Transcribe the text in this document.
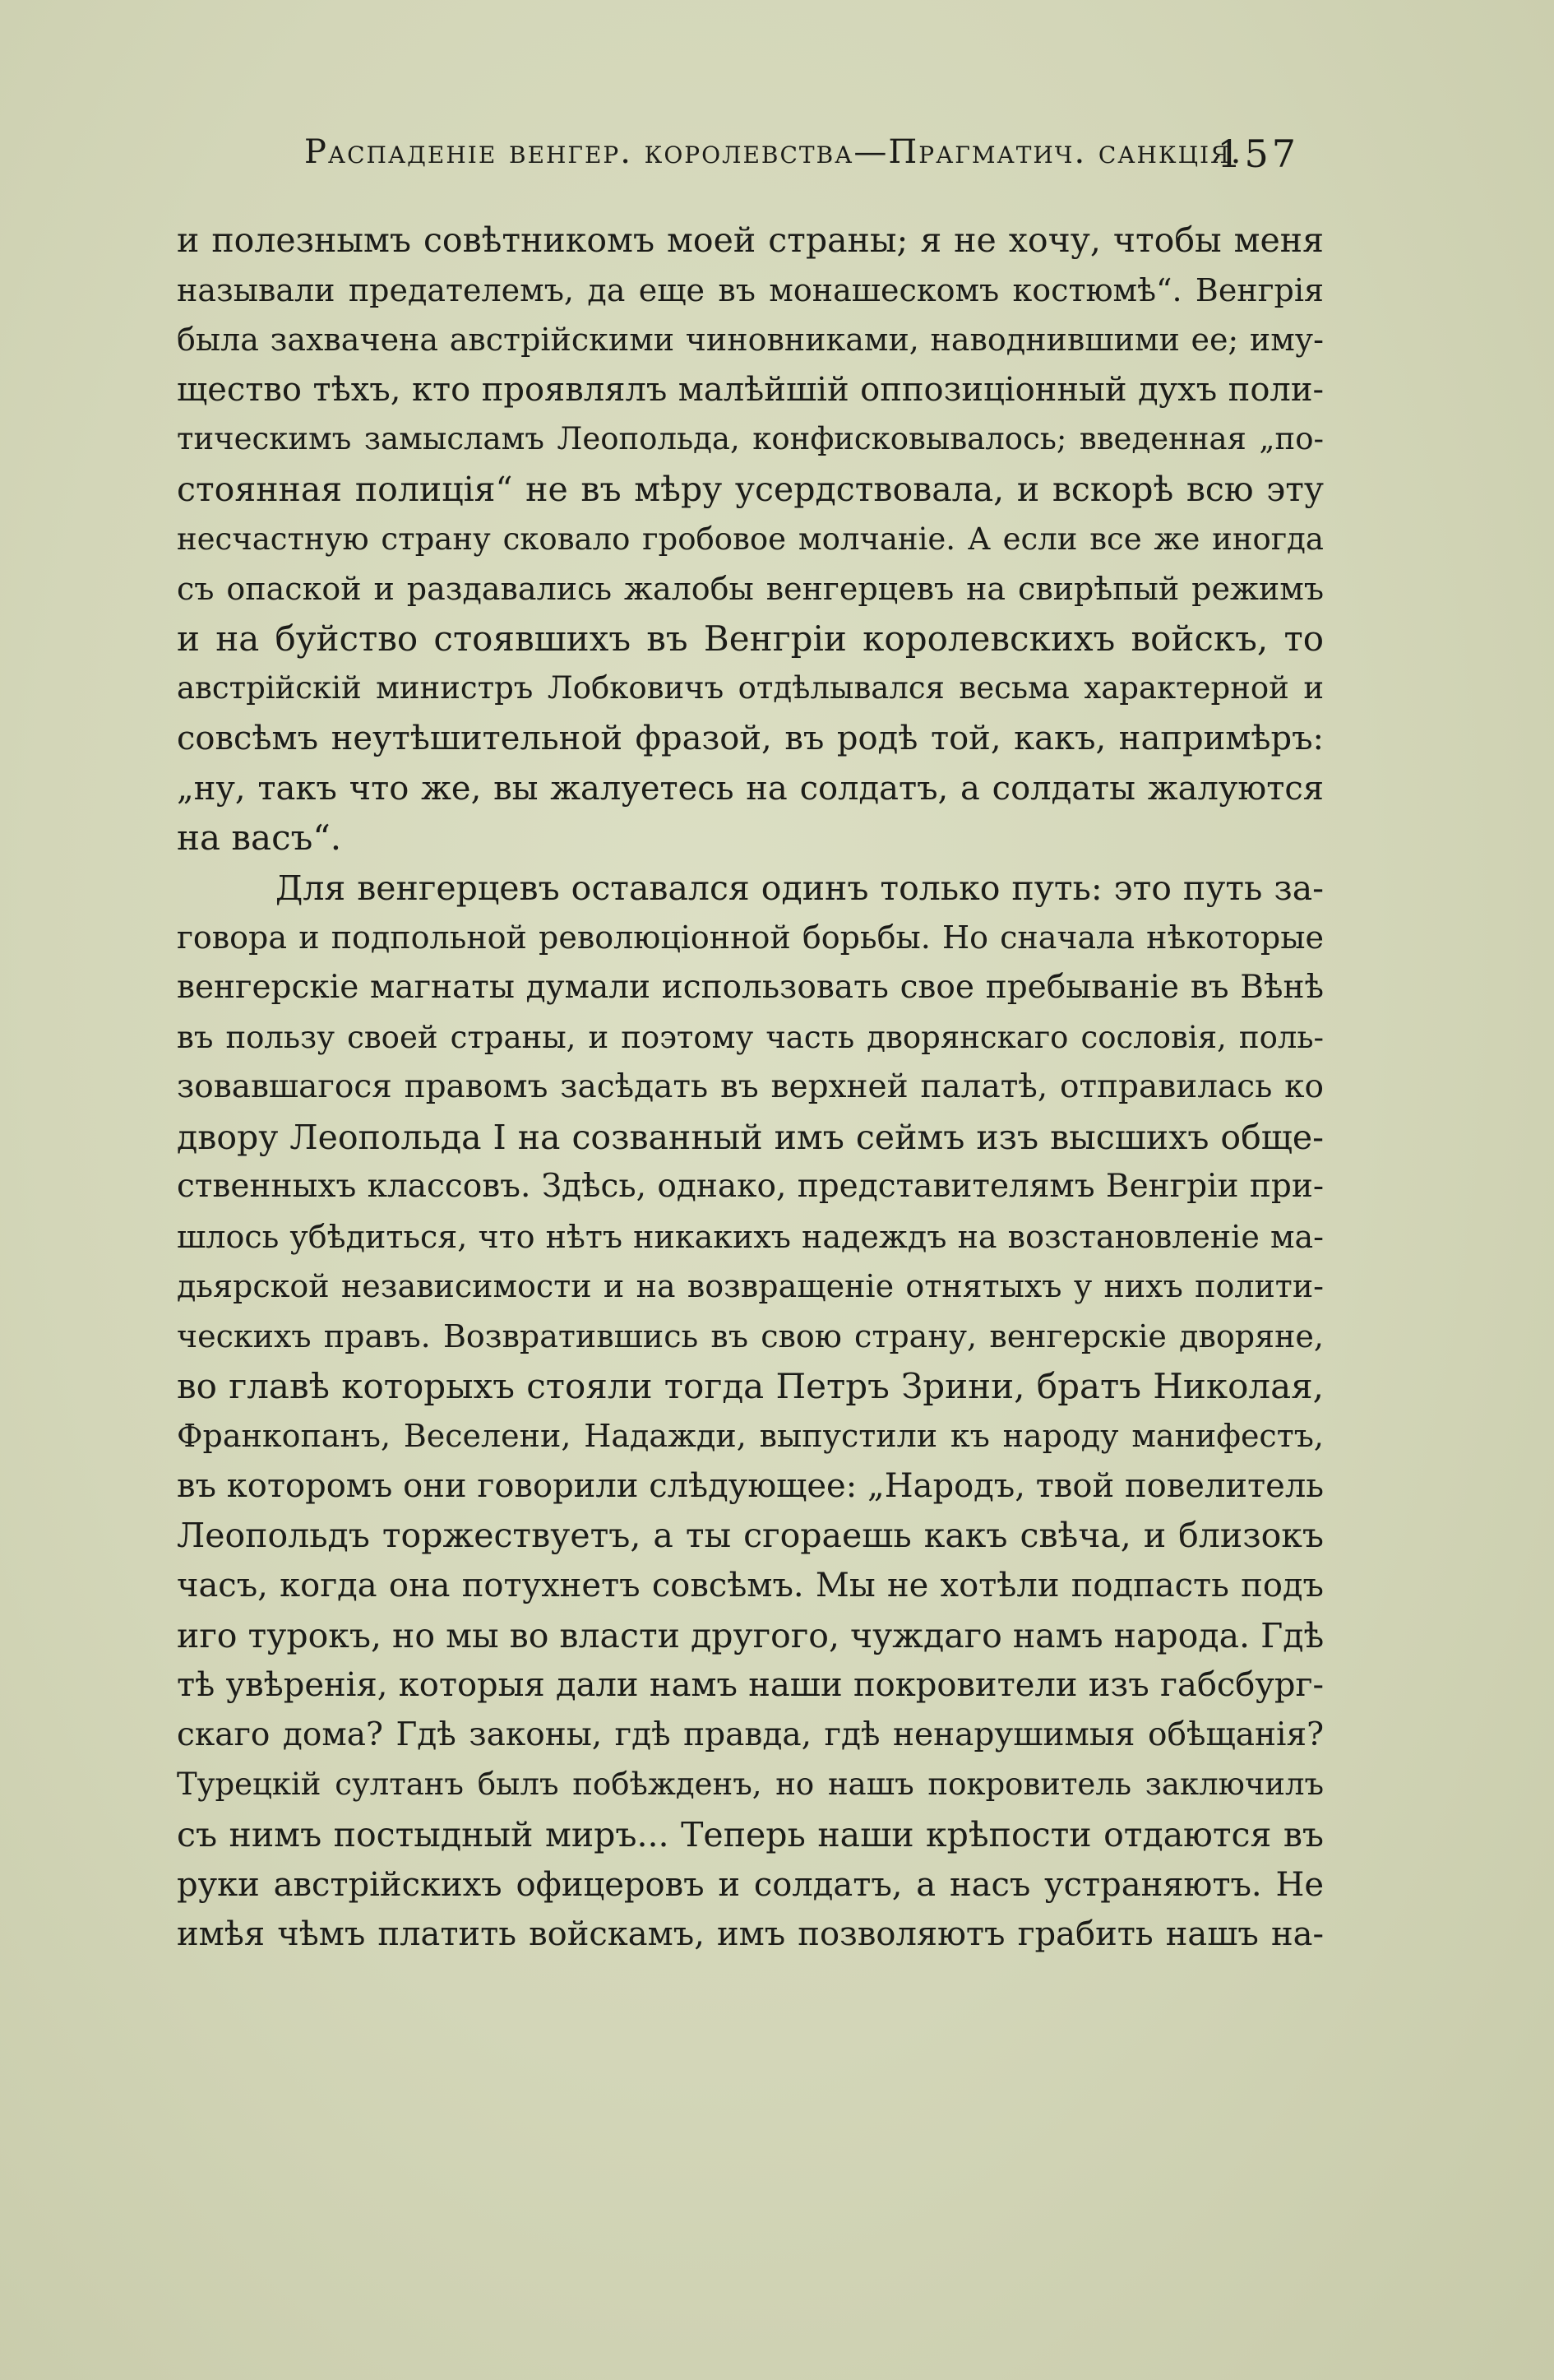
Распаденіе венгер. королевства—Прагматич. санкція.
157
и полезнымъ совѣтникомъ моей страны; я не хочу, чтобы меня
называли предателемъ, да еще въ монашескомъ костюмѣ“. Венгрія
была захвачена австрійскими чиновниками, наводнившими ее; иму-
щество тѣхъ, кто проявлялъ малѣйшій оппозиціонный духъ поли-
тическимъ замысламъ Леопольда, конфисковывалось; введенная „по-
стоянная полиція“ не въ мѣру усердствовала, и вскорѣ всю эту
несчастную страну сковало гробовое молчаніе. А если все же иногда
съ опаской и раздавались жалобы венгерцевъ на свирѣпый режимъ
и на буйство стоявшихъ въ Венгріи королевскихъ войскъ, то
австрійскій министръ Лобковичъ отдѣлывался весьма характерной и
совсѣмъ неутѣшительной фразой, въ родѣ той, какъ, напримѣръ:
„ну, такъ что же, вы жалуетесь на солдатъ, а солдаты жалуются
на васъ“.
Для венгерцевъ оставался одинъ только путь: это путь за-
говора и подпольной революціонной борьбы. Но сначала нѣкоторые
венгерскіе магнаты думали использовать свое пребываніе въ Вѣнѣ
въ пользу своей страны, и поэтому часть дворянскаго сословія, поль-
зовавшагося правомъ засѣдать въ верхней палатѣ, отправилась ко
двору Леопольда I на созванный имъ сеймъ изъ высшихъ обще-
ственныхъ классовъ. Здѣсь, однако, представителямъ Венгріи при-
шлось убѣдиться, что нѣтъ никакихъ надеждъ на возстановленіе ма-
дьярской независимости и на возвращеніе отнятыхъ у нихъ полити-
ческихъ правъ. Возвратившись въ свою страну, венгерскіе дворяне,
во главѣ которыхъ стояли тогда Петръ Зрини, братъ Николая,
Франкопанъ, Веселени, Надажди, выпустили къ народу манифестъ,
въ которомъ они говорили слѣдующее: „Народъ, твой повелитель
Леопольдъ торжествуетъ, а ты сгораешь какъ свѣча, и близокъ
часъ, когда она потухнетъ совсѣмъ. Мы не хотѣли подпасть подъ
иго турокъ, но мы во власти другого, чуждаго намъ народа. Гдѣ
тѣ увѣренія, которыя дали намъ наши покровители изъ габсбург-
скаго дома? Гдѣ законы, гдѣ правда, гдѣ ненарушимыя обѣщанія?
Турецкій султанъ былъ побѣжденъ, но нашъ покровитель заключилъ
съ нимъ постыдный миръ... Теперь наши крѣпости отдаются въ
руки австрійскихъ офицеровъ и солдатъ, а насъ устраняютъ. Не
имѣя чѣмъ платить войскамъ, имъ позволяютъ грабить нашъ на-
